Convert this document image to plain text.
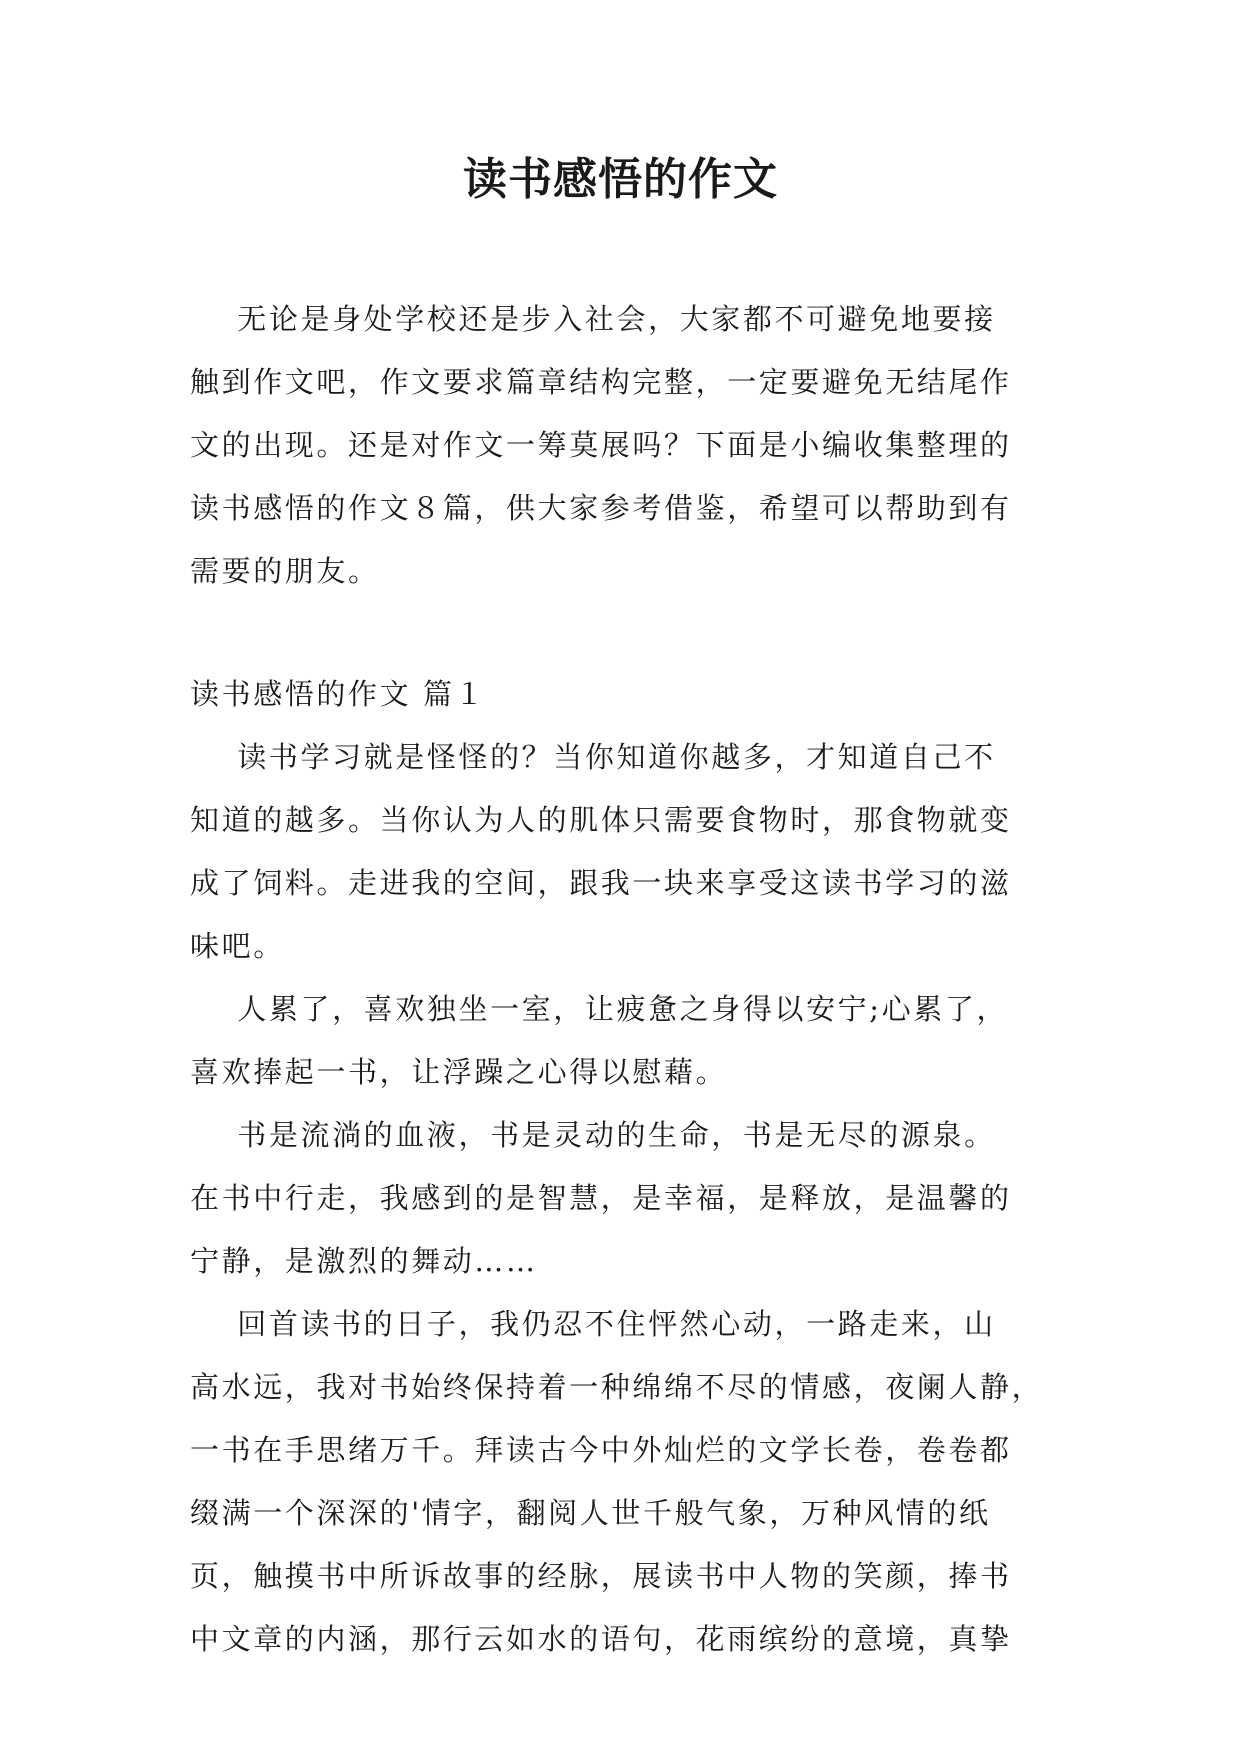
读书感悟的作文
无论是身处学校还是步入社会，大家都不可避免地要接
触到作文吧，作文要求篇章结构完整，一定要避免无结尾作
文的出现。还是对作文一筹莫展吗？下面是小编收集整理的
读书感悟的作文８篇，供大家参考借鉴，希望可以帮助到有
需要的朋友。
读书感悟的作文 篇１
读书学习就是怪怪的？当你知道你越多，才知道自己不
知道的越多。当你认为人的肌体只需要食物时，那食物就变
成了饲料。走进我的空间，跟我一块来享受这读书学习的滋
味吧。
人累了，喜欢独坐一室，让疲惫之身得以安宁;心累了，
喜欢捧起一书，让浮躁之心得以慰藉。
书是流淌的血液，书是灵动的生命，书是无尽的源泉。
在书中行走，我感到的是智慧，是幸福，是释放，是温馨的
宁静，是激烈的舞动……
回首读书的日子，我仍忍不住怦然心动，一路走来，山
高水远，我对书始终保持着一种绵绵不尽的情感，夜阑人静，
一书在手思绪万千。拜读古今中外灿烂的文学长卷，卷卷都
缀满一个深深的'情字，翻阅人世千般气象，万种风情的纸
页，触摸书中所诉故事的经脉，展读书中人物的笑颜，捧书
中文章的内涵，那行云如水的语句，花雨缤纷的意境，真挚
